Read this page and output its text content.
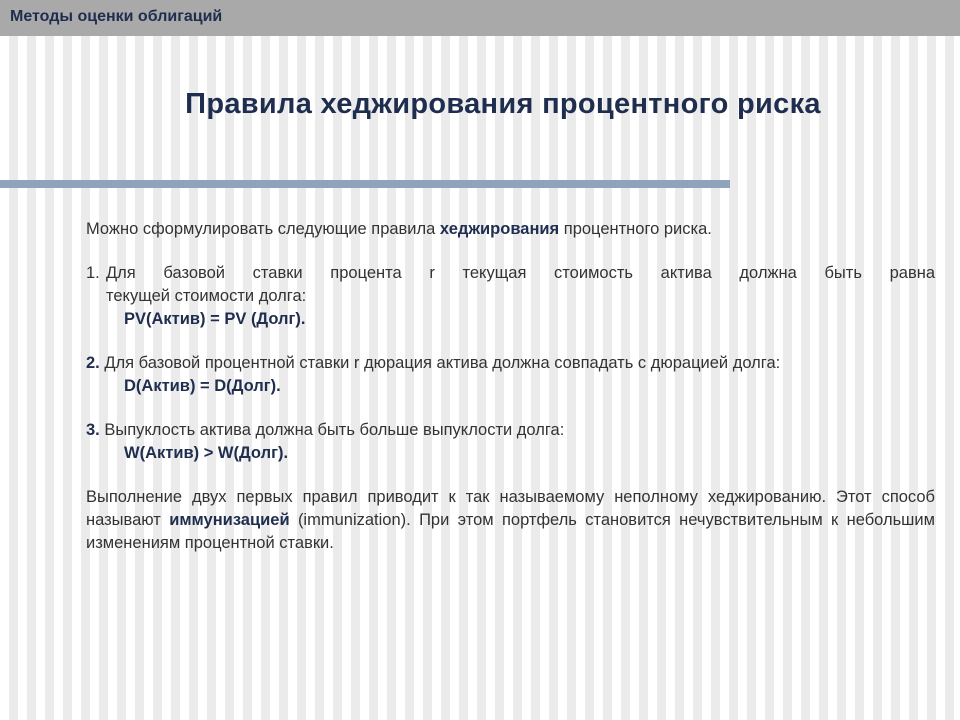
Методы оценки облигаций
Правила хеджирования процентного риска

Можно сформулировать следующие правила хеджирования процентного риска.

1. Для базовой ставки процента r текущая стоимость актива должна быть равна

текущей стоимости долга:

PV(Актив) = PV (Долг).

2. Для базовой процентной ставки r дюрация актива должна совпадать с дюрацией долга:

D(Актив) = D(Долг).

3. Выпуклость актива должна быть больше выпуклости долга:

W(Актив) > W(Долг).

Выполнение двух первых правил приводит к так называемому неполному хеджированию. Этот способ называют иммунизацией (immunization). При этом портфель становится нечувствительным к небольшим изменениям процентной ставки.
